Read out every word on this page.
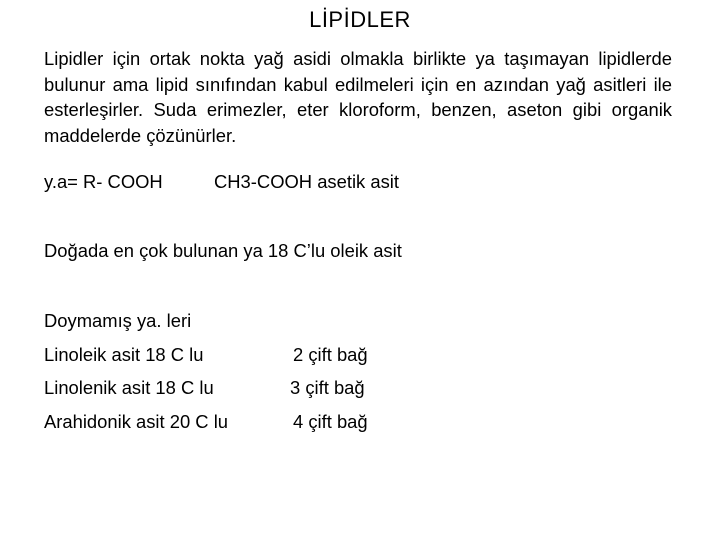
LİPİDLER

Lipidler için ortak nokta yağ asidi olmakla birlikte ya taşımayan lipidlerde bulunur ama lipid sınıfından kabul edilmeleri için en azından yağ asitleri ile esterleşirler. Suda erimezler, eter kloroform, benzen, aseton gibi organik maddelerde çözünürler.

y.a= R- COOH	CH3-COOH asetik asit
Doğada en çok bulunan ya 18 C’lu oleik asit
Doymamış ya. leri
Linoleik asit 18 C lu	2 çift bağ
Linolenik asit 18 C lu	3 çift bağ
Arahidonik asit 20 C lu	4 çift bağ
